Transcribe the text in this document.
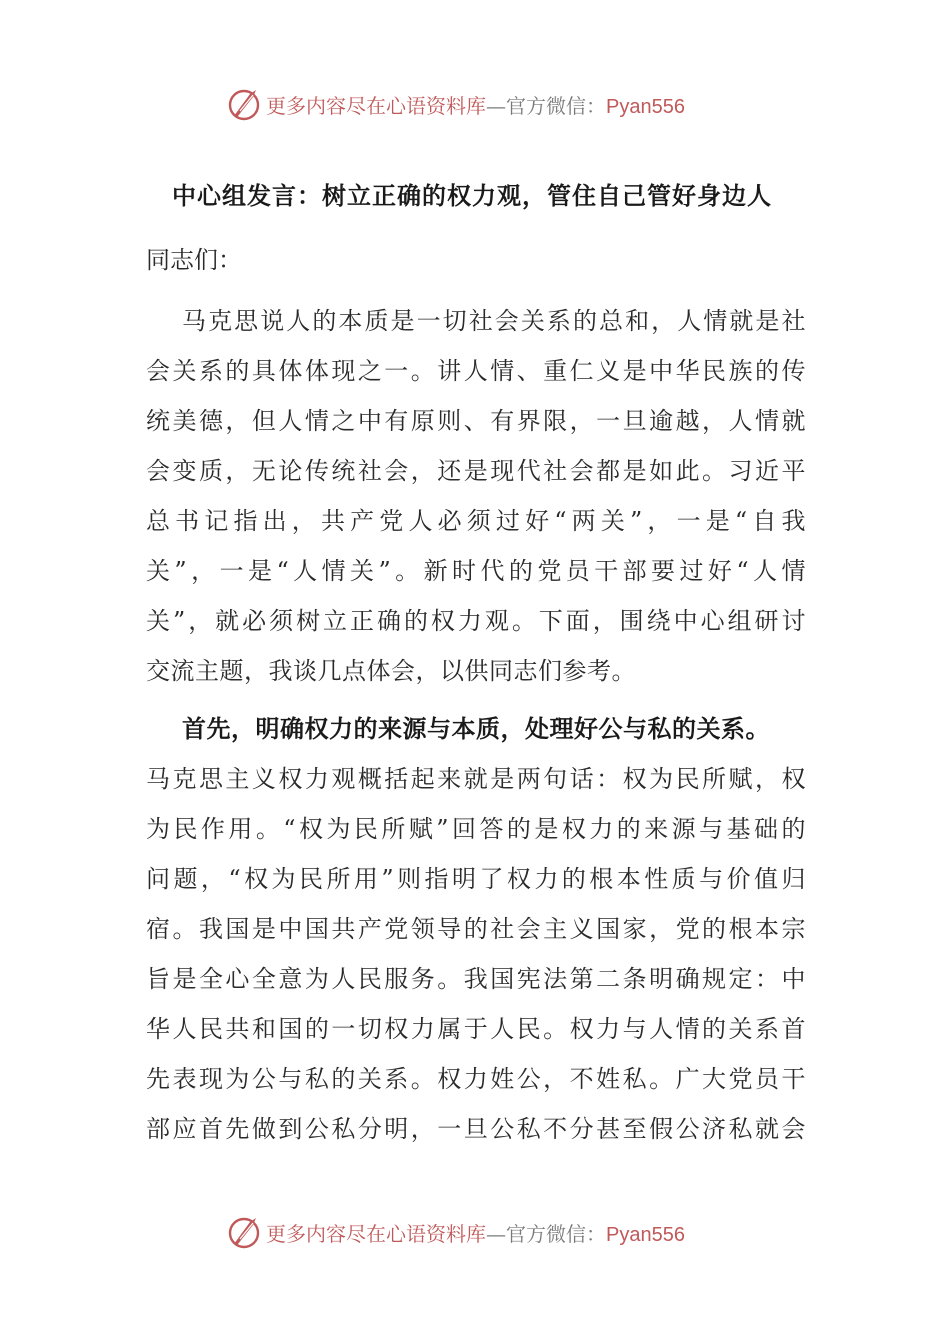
更多内容尽在心语资料库—官方微信：Pyan556
中心组发言：树立正确的权力观，管住自己管好身边人
同志们：
马克思说人的本质是一切社会关系的总和，人情就是社
会关系的具体体现之一。讲人情、重仁义是中华民族的传
统美德，但人情之中有原则、有界限，一旦逾越，人情就
会变质，无论传统社会，还是现代社会都是如此。习近平
总书记指出，共产党人必须过好“两关”，一是“自我
关”，一是“人情关”。新时代的党员干部要过好“人情
关”，就必须树立正确的权力观。下面，围绕中心组研讨
交流主题，我谈几点体会，以供同志们参考。
首先，明确权力的来源与本质，处理好公与私的关系。
马克思主义权力观概括起来就是两句话：权为民所赋，权
为民作用。“权为民所赋”回答的是权力的来源与基础的
问题，“权为民所用”则指明了权力的根本性质与价值归
宿。我国是中国共产党领导的社会主义国家，党的根本宗
旨是全心全意为人民服务。我国宪法第二条明确规定：中
华人民共和国的一切权力属于人民。权力与人情的关系首
先表现为公与私的关系。权力姓公，不姓私。广大党员干
部应首先做到公私分明，一旦公私不分甚至假公济私就会
更多内容尽在心语资料库—官方微信：Pyan556
